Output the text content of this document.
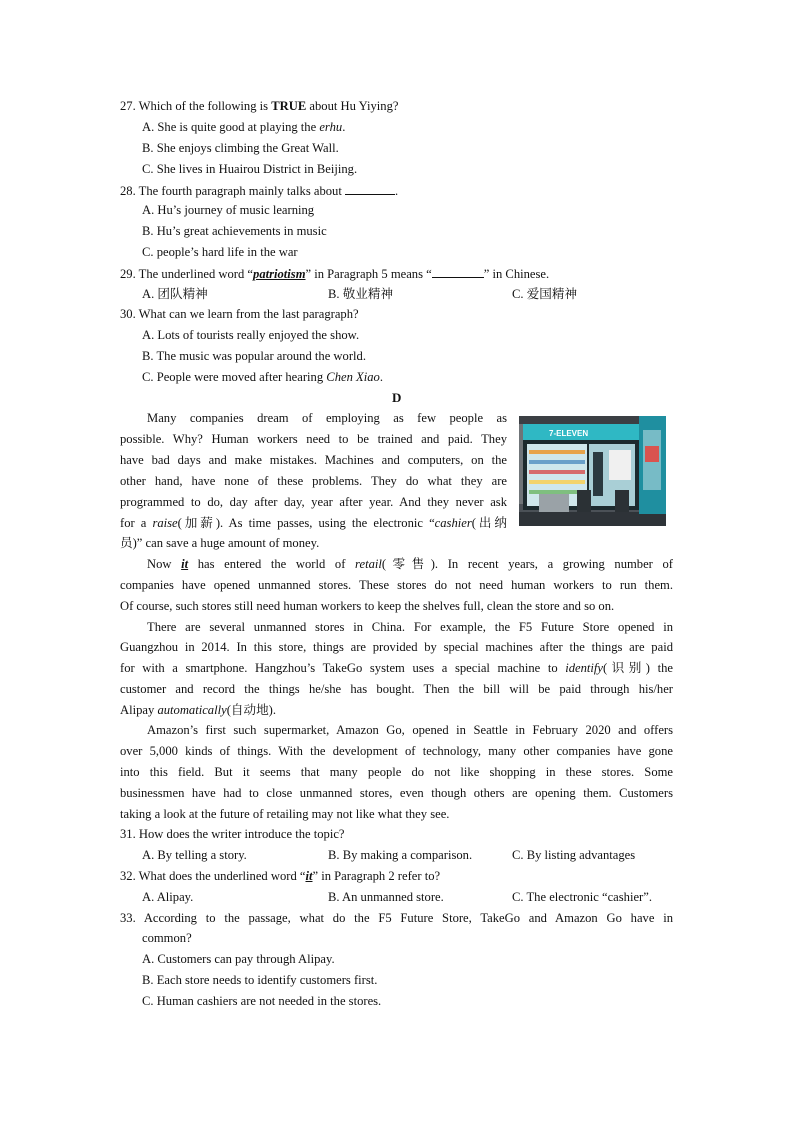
27. Which of the following is TRUE about Hu Yiying?
A. She is quite good at playing the erhu.
B. She enjoys climbing the Great Wall.
C. She lives in Huairou District in Beijing.
28. The fourth paragraph mainly talks about	.
A. Hu’s journey of music learning
B. Hu’s great achievements in music
C. people’s hard life in the war
29. The underlined word “patriotism” in Paragraph 5 means “	” in Chinese.
A. 团队精神	B. 敬业精神	C. 爱国精神
30. What can we learn from the last paragraph?
A. Lots of tourists really enjoyed the show.
B. The music was popular around the world.
C. People were moved after hearing Chen Xiao.
D
Many companies dream of employing as few people as
possible. Why? Human workers need to be trained and paid. They
have bad days and make mistakes. Machines and computers, on the
other hand, have none of these problems. They do what they are
programmed to do, day after day, year after year. And they never ask
for a raise(加薪). As time passes, using the electronic “cashier(出纳
员)” can save a huge amount of money.
7-ELEVEN
Now it has entered the world of retail(零售). In recent years, a growing number of
companies have opened unmanned stores. These stores do not need human workers to run them.
Of course, such stores still need human workers to keep the shelves full, clean the store and so on.
There are several unmanned stores in China. For example, the F5 Future Store opened in
Guangzhou in 2014. In this store, things are provided by special machines after the things are paid
for with a smartphone. Hangzhou’s TakeGo system uses a special machine to identify(识别) the
customer and record the things he/she has bought. Then the bill will be paid through his/her
Alipay automatically(自动地).
Amazon’s first such supermarket, Amazon Go, opened in Seattle in February 2020 and offers
over 5,000 kinds of things. With the development of technology, many other companies have gone
into this field. But it seems that many people do not like shopping in these stores. Some
businessmen have had to close unmanned stores, even though others are opening them. Customers
taking a look at the future of retailing may not like what they see.
31. How does the writer introduce the topic?
A. By telling a story.	B. By making a comparison.	C. By listing advantages
32. What does the underlined word “it” in Paragraph 2 refer to?
A. Alipay.	B. An unmanned store.	C. The electronic “cashier”.
33. According to the passage, what do the F5 Future Store, TakeGo and Amazon Go have in
common?
A. Customers can pay through Alipay.
B. Each store needs to identify customers first.
C. Human cashiers are not needed in the stores.
